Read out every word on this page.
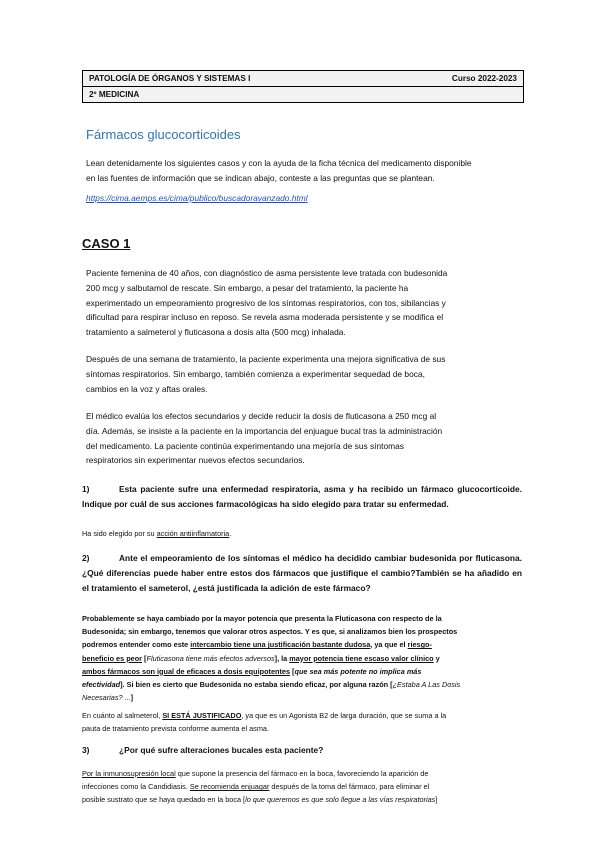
PATOLOGÍA DE ÓRGANOS Y SISTEMAS I	Curso 2022-2023
2º MEDICINA
Fármacos glucocorticoides
Lean detenidamente los siguientes casos y con la ayuda de la ficha técnica del medicamento disponible
en las fuentes de información que se indican abajo, conteste a las preguntas que se plantean.
https://cima.aemps.es/cima/publico/buscadoravanzado.html
CASO 1
Paciente femenina de 40 años, con diagnóstico de asma persistente leve tratada con budesonida
200 mcg y salbutamol de rescate. Sin embargo, a pesar del tratamiento, la paciente ha
experimentado un empeoramiento progresivo de los síntomas respiratorios, con tos, sibilancias y
dificultad para respirar incluso en reposo. Se revela asma moderada persistente y se modifica el
tratamiento a salmeterol y fluticasona a dosis alta (500 mcg) inhalada.
Después de una semana de tratamiento, la paciente experimenta una mejora significativa de sus
síntomas respiratorios. Sin embargo, también comienza a experimentar sequedad de boca,
cambios en la voz y aftas orales.
El médico evalúa los efectos secundarios y decide reducir la dosis de fluticasona a 250 mcg al
día. Además, se insiste a la paciente en la importancia del enjuague bucal tras la administración
del medicamento. La paciente continúa experimentando una mejoría de sus síntomas
respiratorios sin experimentar nuevos efectos secundarios.
1)	Esta paciente sufre una enfermedad respiratoria, asma y ha recibido un fármaco glucocorticoide. Indique por cuál de sus acciones farmacológicas ha sido elegido para tratar su enfermedad.
Ha sido elegido por su acción antiinflamatoria.
2)	Ante el empeoramiento de los síntomas el médico ha decidido cambiar budesonida por fluticasona. ¿Qué diferencias puede haber entre estos dos fármacos que justifique el cambio?También se ha añadido en el tratamiento el sameterol, ¿está justificada la adición de este fármaco?
Probablemente se haya cambiado por la mayor potencia que presenta la Fluticasona con respecto de la
Budesonida; sin embargo, tenemos que valorar otros aspectos. Y es que, si analizamos bien los prospectos
podremos entender como este intercambio tiene una justificación bastante dudosa, ya que el riesgo-
beneficio es peor [Fluticasona tiene más efectos adversos], la mayor potencia tiene escaso valor clínico y
ambos fármacos son igual de eficaces a dosis equipotentes [que sea más potente no implica más
efectividad]. Si bien es cierto que Budesonida no estaba siendo eficaz, por alguna razón [¿Estaba A Las Dosis
Necesarias? ...]
En cuánto al salmeterol, SI ESTÁ JUSTIFICADO, ya que es un Agonista B2 de larga duración, que se suma a la
pauta de tratamiento prevista conforme aumenta el asma.
3)	¿Por qué sufre alteraciones bucales esta paciente?
Por la inmunosupresión local que supone la presencia del fármaco en la boca, favoreciendo la aparición de
infecciones como la Candidiasis. Se recomienda enjuagar después de la toma del fármaco, para eliminar el
posible sustrato que se haya quedado en la boca [lo que queremos es que solo llegue a las vías respiratorias]
